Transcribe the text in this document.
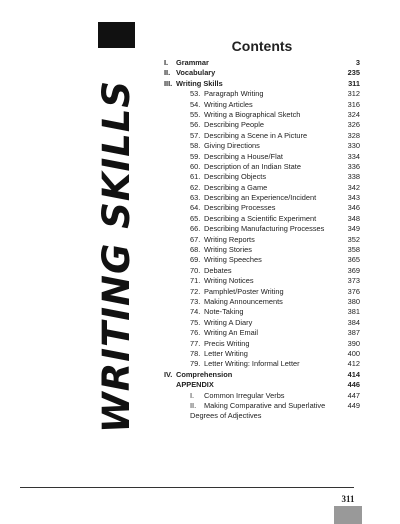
WRITING SKILLS
Contents
I.	Grammar	3
II. Vocabulary	235
III. Writing Skills	311
53. Paragraph Writing	312
54. Writing Articles	316
55. Writing a Biographical Sketch	324
56. Describing People	326
57. Describing a Scene in A Picture	328
58. Giving Directions	330
59. Describing a House/Flat	334
60. Description of an Indian State	336
61. Describing Objects	338
62. Describing a Game	342
63. Describing an Experience/Incident	343
64. Describing Processes	346
65. Describing a Scientific Experiment	348
66. Describing Manufacturing Processes	349
67. Writing Reports	352
68. Writing Stories	358
69. Writing Speeches	365
70. Debates	369
71. Writing Notices	373
72. Pamphlet/Poster Writing	376
73. Making Announcements	380
74. Note-Taking	381
75. Writing A Diary	384
76. Writing An Email	387
77. Precis Writing	390
78. Letter Writing	400
79. Letter Writing: Informal Letter	412
IV. Comprehension	414
APPENDIX	446
I. Common Irregular Verbs	447
II. Making Comparative and Superlative Degrees of Adjectives
449
311
